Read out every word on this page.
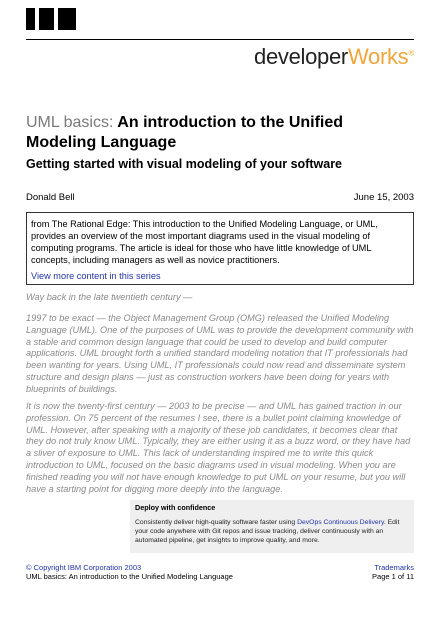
developerWorks®
UML basics: An introduction to the Unified Modeling Language
Getting started with visual modeling of your software
Donald Bell	June 15, 2003

from The Rational Edge: This introduction to the Unified Modeling Language, or UML, provides an overview of the most important diagrams used in the visual modeling of computing programs. The article is ideal for those who have little knowledge of UML concepts, including managers as well as novice practitioners.

View more content in this series

Way back in the late twentieth century —

1997 to be exact — the Object Management Group (OMG) released the Unified Modeling Language (UML). One of the purposes of UML was to provide the development community with a stable and common design language that could be used to develop and build computer applications. UML brought forth a unified standard modeling notation that IT professionals had been wanting for years. Using UML, IT professionals could now read and disseminate system structure and design plans — just as construction workers have been doing for years with blueprints of buildings.

It is now the twenty-first century — 2003 to be precise — and UML has gained traction in our profession. On 75 percent of the resumes I see, there is a bullet point claiming knowledge of UML. However, after speaking with a majority of these job candidates, it becomes clear that they do not truly know UML. Typically, they are either using it as a buzz word, or they have had a sliver of exposure to UML. This lack of understanding inspired me to write this quick introduction to UML, focused on the basic diagrams used in visual modeling. When you are finished reading you will not have enough knowledge to put UML on your resume, but you will have a starting point for digging more deeply into the language.

Deploy with confidence

Consistently deliver high-quality software faster using DevOps Continuous Delivery. Edit your code anywhere with Git repos and issue tracking, deliver continuously with an automated pipeline, get insights to improve quality, and more.

© Copyright IBM Corporation 2003	Trademarks
UML basics: An introduction to the Unified Modeling Language	Page 1 of 11
